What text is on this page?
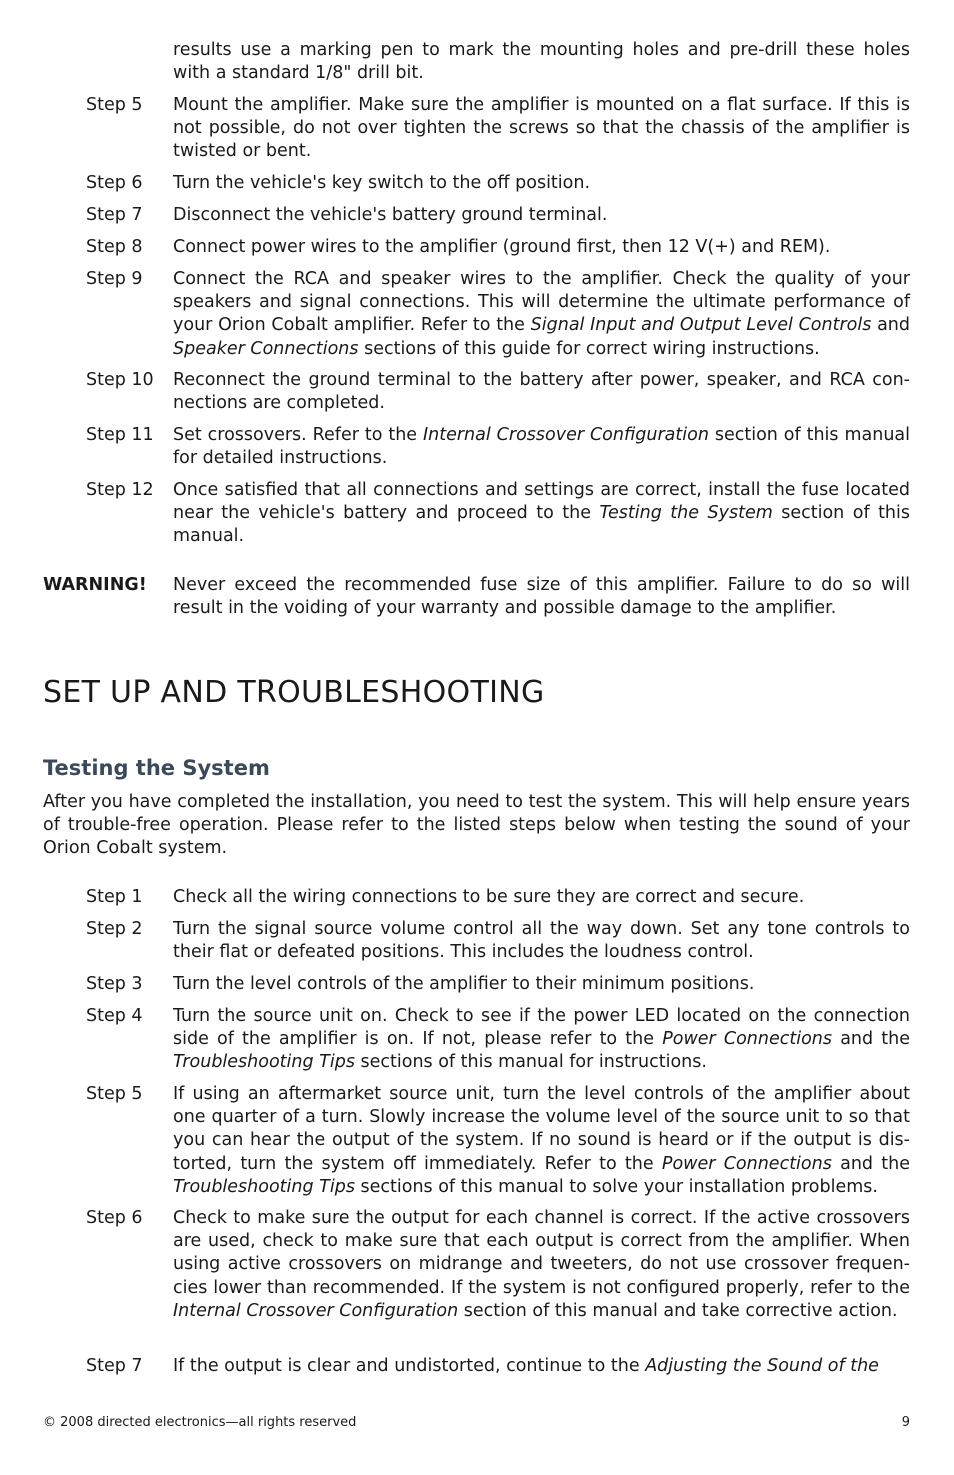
results use a marking pen to mark the mounting holes and pre-drill these holes with a standard 1/8" drill bit.
Step 5 Mount the amplifier. Make sure the amplifier is mounted on a flat surface. If this is not possible, do not over tighten the screws so that the chassis of the amplifier is twisted or bent.
Step 6 Turn the vehicle's key switch to the off position.
Step 7 Disconnect the vehicle's battery ground terminal.
Step 8 Connect power wires to the amplifier (ground first, then 12 V(+) and REM).
Step 9 Connect the RCA and speaker wires to the amplifier. Check the quality of your speakers and signal connections. This will determine the ultimate performance of your Orion Cobalt amplifier. Refer to the Signal Input and Output Level Controls and Speaker Connections sections of this guide for correct wiring instructions.
Step 10 Reconnect the ground terminal to the battery after power, speaker, and RCA con-nections are completed.
Step 11 Set crossovers. Refer to the Internal Crossover Configuration section of this manual for detailed instructions.
Step 12 Once satisfied that all connections and settings are correct, install the fuse located near the vehicle's battery and proceed to the Testing the System section of this manual.
WARNING! Never exceed the recommended fuse size of this amplifier. Failure to do so will result in the voiding of your warranty and possible damage to the amplifier.
SET UP AND TROUBLESHOOTING
Testing the System
After you have completed the installation, you need to test the system. This will help ensure years of trouble-free operation. Please refer to the listed steps below when testing the sound of your Orion Cobalt system.
Step 1 Check all the wiring connections to be sure they are correct and secure.
Step 2 Turn the signal source volume control all the way down. Set any tone controls to their flat or defeated positions. This includes the loudness control.
Step 3 Turn the level controls of the amplifier to their minimum positions.
Step 4 Turn the source unit on. Check to see if the power LED located on the connection side of the amplifier is on. If not, please refer to the Power Connections and the Troubleshooting Tips sections of this manual for instructions.
Step 5 If using an aftermarket source unit, turn the level controls of the amplifier about one quarter of a turn. Slowly increase the volume level of the source unit to so that you can hear the output of the system. If no sound is heard or if the output is dis-torted, turn the system off immediately. Refer to the Power Connections and the Troubleshooting Tips sections of this manual to solve your installation problems.
Step 6 Check to make sure the output for each channel is correct. If the active crossovers are used, check to make sure that each output is correct from the amplifier. When using active crossovers on midrange and tweeters, do not use crossover frequen-cies lower than recommended. If the system is not configured properly, refer to the Internal Crossover Configuration section of this manual and take corrective action.
Step 7 If the output is clear and undistorted, continue to the Adjusting the Sound of the
© 2008 directed electronics—all rights reserved	9
